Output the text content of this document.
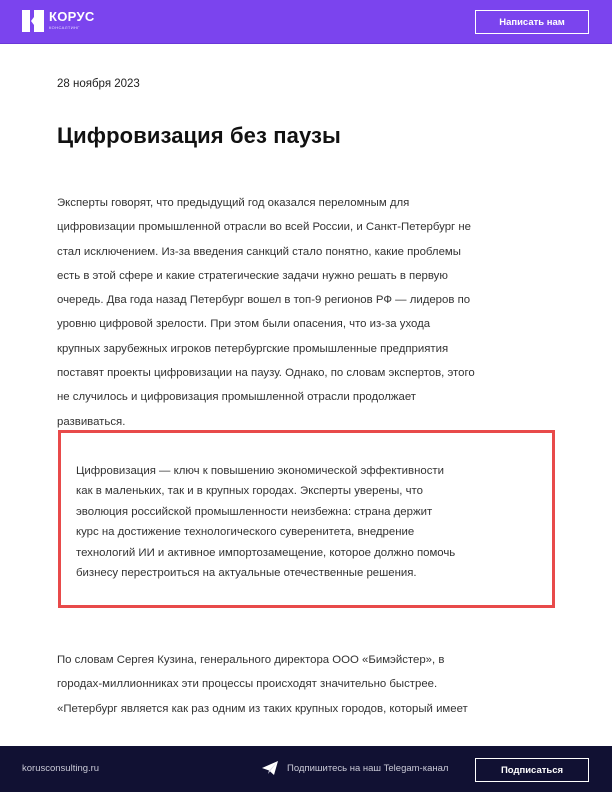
КОРУС
КОНСАЛТИНГ	Написать нам
28 ноября 2023
Цифровизация без паузы

Эксперты говорят, что предыдущий год оказался переломным для

цифровизации промышленной отрасли во всей России, и Санкт-Петербург не

стал исключением. Из-за введения санкций стало понятно, какие проблемы

есть в этой сфере и какие стратегические задачи нужно решать в первую

очередь. Два года назад Петербург вошел в топ-9 регионов РФ — лидеров по

уровню цифровой зрелости. При этом были опасения, что из-за ухода

крупных зарубежных игроков петербургские промышленные предприятия

поставят проекты цифровизации на паузу. Однако, по словам экспертов, этого

не случилось и цифровизация промышленной отрасли продолжает

развиваться.

Цифровизация — ключ к повышению экономической эффективности

как в маленьких, так и в крупных городах. Эксперты уверены, что

эволюция российской промышленности неизбежна: страна держит

курс на достижение технологического суверенитета, внедрение

технологий ИИ и активное импортозамещение, которое должно помочь

бизнесу перестроиться на актуальные отечественные решения.

По словам Сергея Кузина, генерального директора ООО «Бимэйстер», в

городах-миллионниках эти процессы происходят значительно быстрее.

«Петербург является как раз одним из таких крупных городов, который имеет

korusconsulting.ru	Подпишитесь на наш Telegam-канал	Подписаться
